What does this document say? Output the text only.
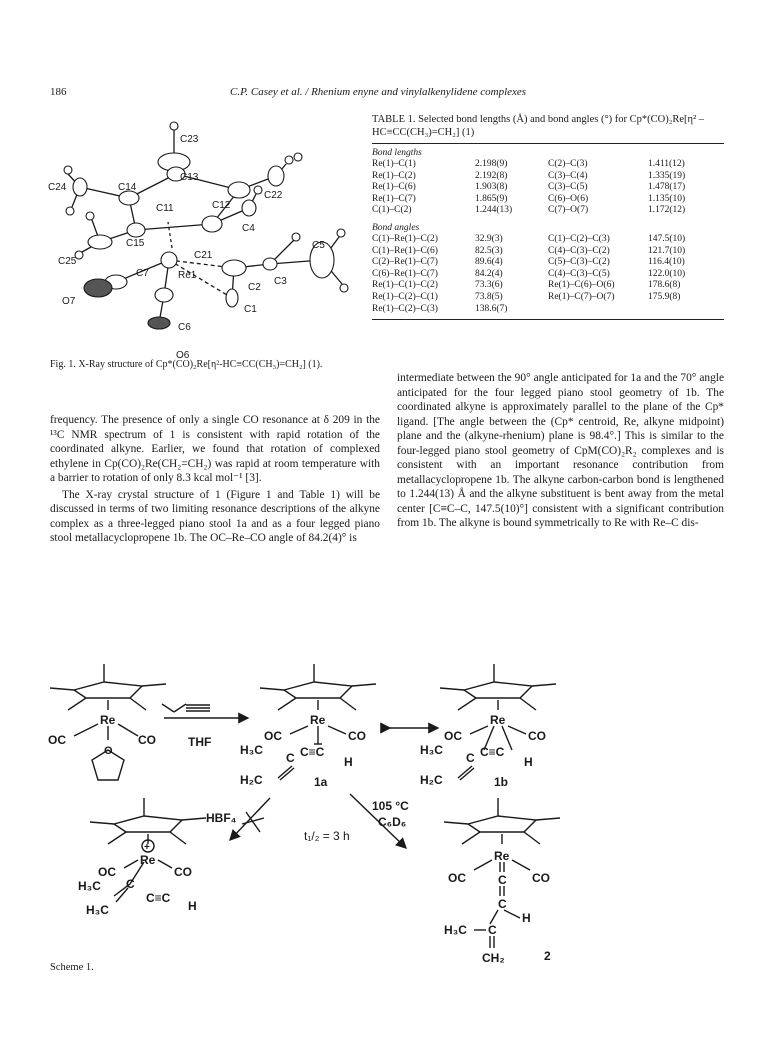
186	C.P. Casey et al. / Rhenium enyne and vinylalkenylidene complexes
C23
C13
C24	C14
C22
C11	C12
C4
C15	C5
C25
C21
C7
C3
Re1
C2
O7
C1
C6
O6
Fig. 1. X-Ray structure of Cp*(CO)₂Re[η²-HC≡CC(CH₃)=CH₂] (1).
TABLE 1. Selected bond lengths (Å) and bond angles (°) for Cp*(CO)₂Re[η² – HC≡CC(CH₃)=CH₂] (1)
Bond lengths
Re(1)–C(1)	2.198(9)	C(2)–C(3)	1.411(12)
Re(1)–C(2)	2.192(8)	C(3)–C(4)	1.335(19)
Re(1)–C(6)	1.903(8)	C(3)–C(5)	1.478(17)
Re(1)–C(7)	1.865(9)	C(6)–O(6)	1.135(10)
C(1)–C(2)	1.244(13)	C(7)–O(7)	1.172(12)
Bond angles
C(1)–Re(1)–C(2)	32.9(3)	C(1)–C(2)–C(3)	147.5(10)
C(1)–Re(1)–C(6)	82.5(3)	C(4)–C(3)–C(2)	121.7(10)
C(2)–Re(1)–C(7)	89.6(4)	C(5)–C(3)–C(2)	116.4(10)
C(6)–Re(1)–C(7)	84.2(4)	C(4)–C(3)–C(5)	122.0(10)
Re(1)–C(1)–C(2)	73.3(6)	Re(1)–C(6)–O(6)	178.6(8)
Re(1)–C(2)–C(1)	73.8(5)	Re(1)–C(7)–O(7)	175.9(8)
Re(1)–C(2)–C(3)	138.6(7)		

frequency. The presence of only a single CO resonance at δ 209 in the ¹³C NMR spectrum of 1 is consistent with rapid rotation of the coordinated alkyne. Earlier, we found that rotation of complexed ethylene in Cp(CO)₂Re(CH₂=CH₂) was rapid at room temperature with a barrier to rotation of only 8.3 kcal mol⁻¹ [3].

The X-ray crystal structure of 1 (Figure 1 and Table 1) will be discussed in terms of two limiting resonance descriptions of the alkyne complex as a three-legged piano stool 1a and as a four legged piano stool metallacyclopropene 1b. The OC–Re–CO angle of 84.2(4)° is

intermediate between the 90° angle anticipated for 1a and the 70° angle anticipated for the four legged piano stool geometry of 1b. The coordinated alkyne is approximately parallel to the plane of the Cp* ligand. [The angle between the (Cp* centroid, Re, alkyne midpoint) plane and the (alkyne-rhenium) plane is 98.4°.] This is similar to the four-legged piano stool geometry of CpM(CO)₂R₂ complexes and is consistent with an important resonance contribution from metallacyclopropene 1b. The alkyne carbon-carbon bond is lengthened to 1.244(13) Å and the alkyne substituent is bent away from the metal center [C≡C–C, 147.5(10)°] consistent with a significant contribution from 1b. The alkyne is bound symmetrically to Re with Re–C dis-

Re
OC	CO
O
THF
Re
OC	CO
H₃C
C C≡C
H
H₂C	1a
Re
OC	CO
H₃C
C C≡C
H
H₂C	1b
HBF₄
105 °C
C₆D₆
t₁/₂ = 3 h
+
Re
OC	CO
H₃C C
C≡C
H
H₃C
Re
OC	CO
C
C
H
H₃C C
CH₂	2
Scheme 1.
